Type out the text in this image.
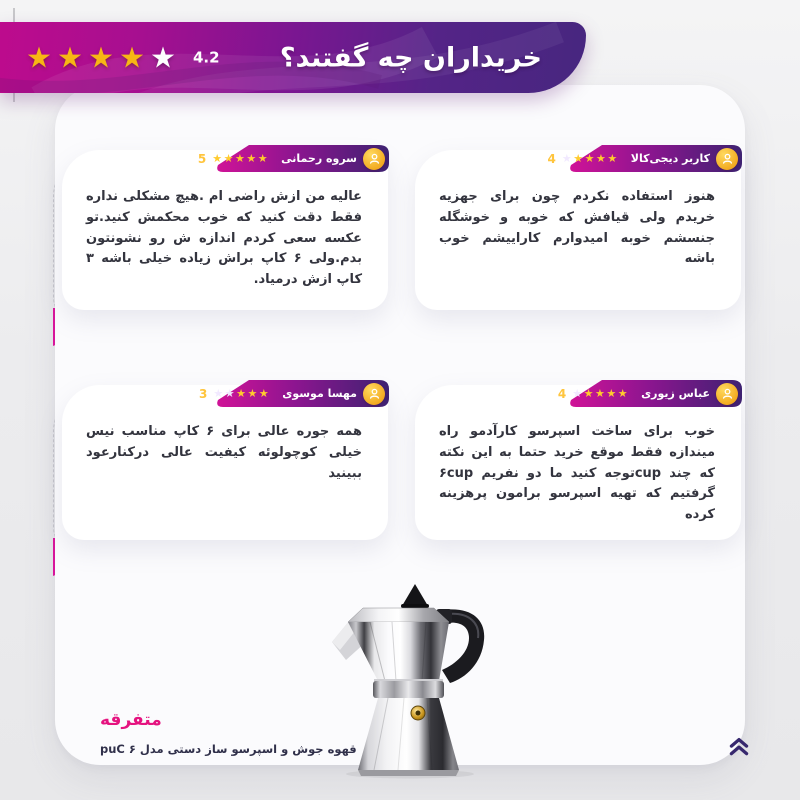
خریداران چه گفتند؟
★★★★★ 4.2
سروه رحمانی
★★★★★
5
عالیه من ازش راضی ام .هیچ مشکلی نداره فقط دقت کنید که خوب محکمش کنید.تو عکسه سعی کردم اندازه ش رو نشونتون بدم.ولی ۶ کاپ براش زیاده خیلی باشه ۳ کاپ ازش درمیاد.
کاربر دیجی‌کالا
★★★★★
4
هنوز استفاده نکردم چون برای جهزیه خریدم ولی قیافش که خوبه و خوشگله جنسشم خوبه امیدوارم کاراییشم خوب باشه
مهسا موسوی
★★★★★
3
همه جوره عالی برای ۶ کاپ مناسب نیس خیلی کوچولوئه کیفیت عالی درکنارعود ببینید
عباس زیوری
★★★★★
4
خوب برای ساخت اسپرسو کارآدمو راه میندازه فقط موقع خرید حتما به این نکته که چند cupتوجه کنید ما دو نفریم ۶cup گرفتیم که تهیه اسپرسو برامون پرهزینه کرده
متفرقه
قهوه جوش و اسپرسو ساز دستی مدل ۶ puC
